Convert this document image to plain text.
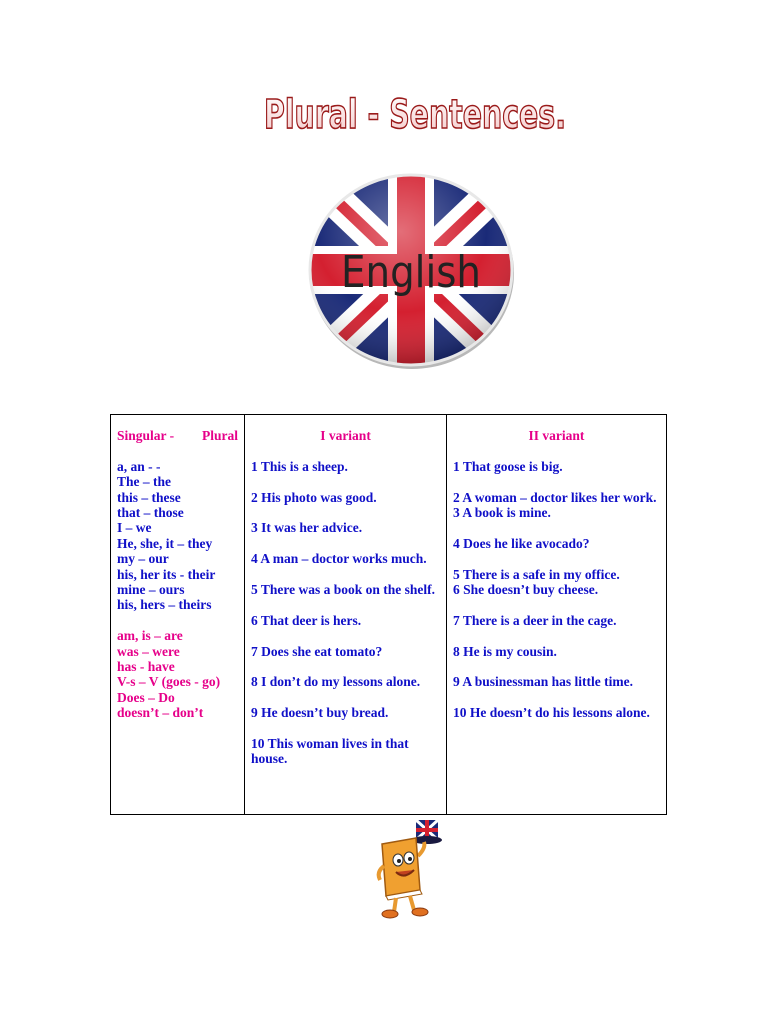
Plural - Sentences.
English
Singular - Plural
a, an - -
The – the
this – these
that – those
I – we
He, she, it – they
my – our
his, her its - their
mine – ours
his, hers – theirs
am, is – are
was – were
has - have
V-s – V (goes - go)
Does – Do
doesn’t – don’t

I variant
1 This is a sheep.
2 His photo was good.
3 It was her advice.
4 A man – doctor works much.
5 There was a book on the shelf.
6 That deer is hers.
7 Does she eat tomato?
8 I don’t do my lessons alone.
9 He doesn’t buy bread.
10 This woman lives in that house.

II variant
1 That goose is big.
2 A woman – doctor likes her work.
3 A book is mine.
4 Does he like avocado?
5 There is a safe in my office.
6 She doesn’t buy cheese.
7 There is a deer in the cage.
8 He is my cousin.
9 A businessman has little time.
10 He doesn’t do his lessons alone.
